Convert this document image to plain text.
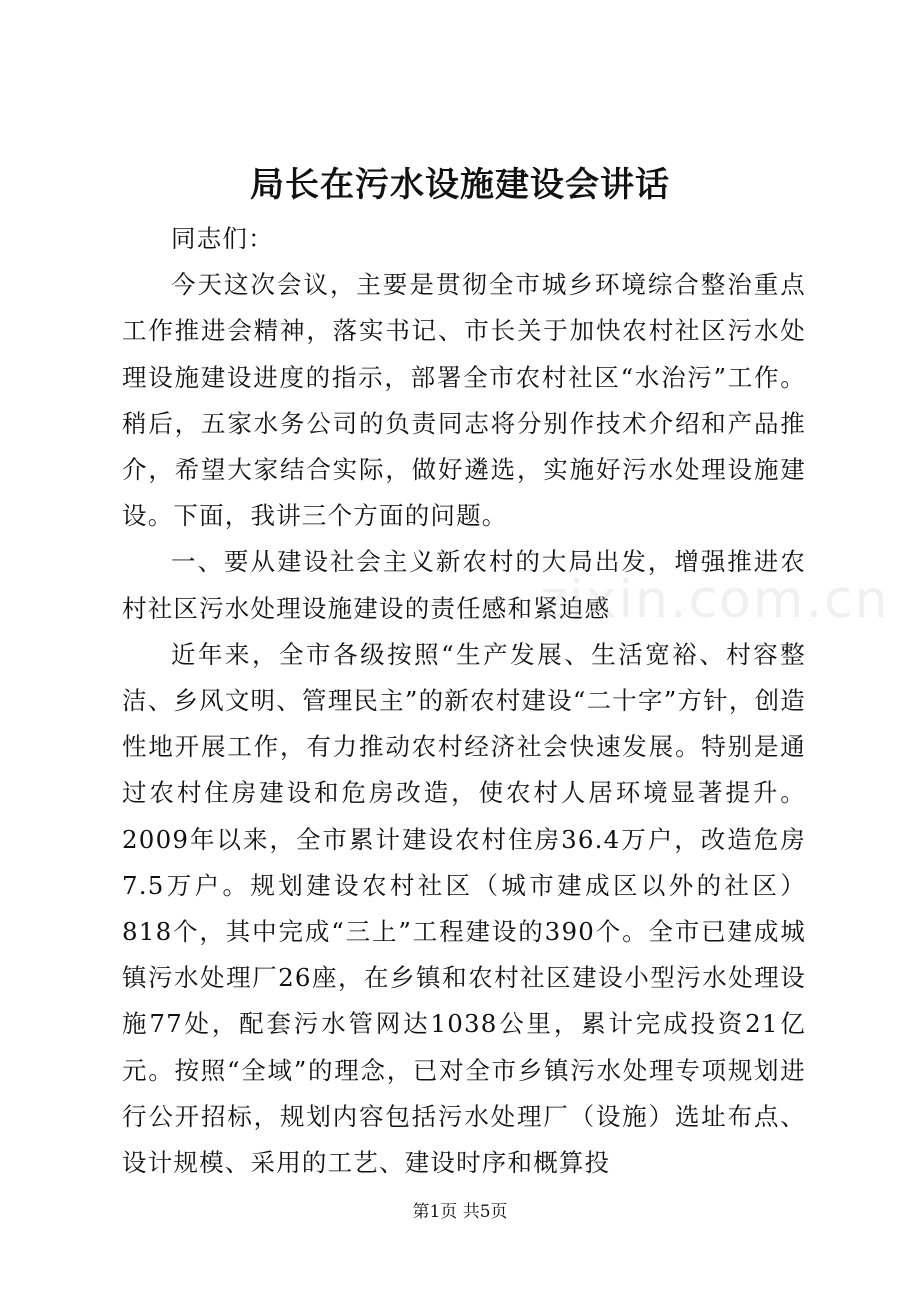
局长在污水设施建设会讲话

同志们：

今天这次会议，主要是贯彻全市城乡环境综合整治重点工作推进会精神，落实书记、市长关于加快农村社区污水处理设施建设进度的指示，部署全市农村社区“水治污”工作。稍后，五家水务公司的负责同志将分别作技术介绍和产品推介，希望大家结合实际，做好遴选，实施好污水处理设施建设。下面，我讲三个方面的问题。

一、要从建设社会主义新农村的大局出发，增强推进农村社区污水处理设施建设的责任感和紧迫感

近年来，全市各级按照“生产发展、生活宽裕、村容整洁、乡风文明、管理民主”的新农村建设“二十字”方针，创造性地开展工作，有力推动农村经济社会快速发展。特别是通过农村住房建设和危房改造，使农村人居环境显著提升。2009年以来，全市累计建设农村住房36.4万户，改造危房7.5万户。规划建设农村社区（城市建成区以外的社区）818个，其中完成“三上”工程建设的390个。全市已建成城镇污水处理厂26座，在乡镇和农村社区建设小型污水处理设施77处，配套污水管网达1038公里，累计完成投资21亿元。按照“全域”的理念，已对全市乡镇污水处理专项规划进行公开招标，规划内容包括污水处理厂（设施）选址布点、设计规模、采用的工艺、建设时序和概算投

zixin.com.cn
第1页 共5页
